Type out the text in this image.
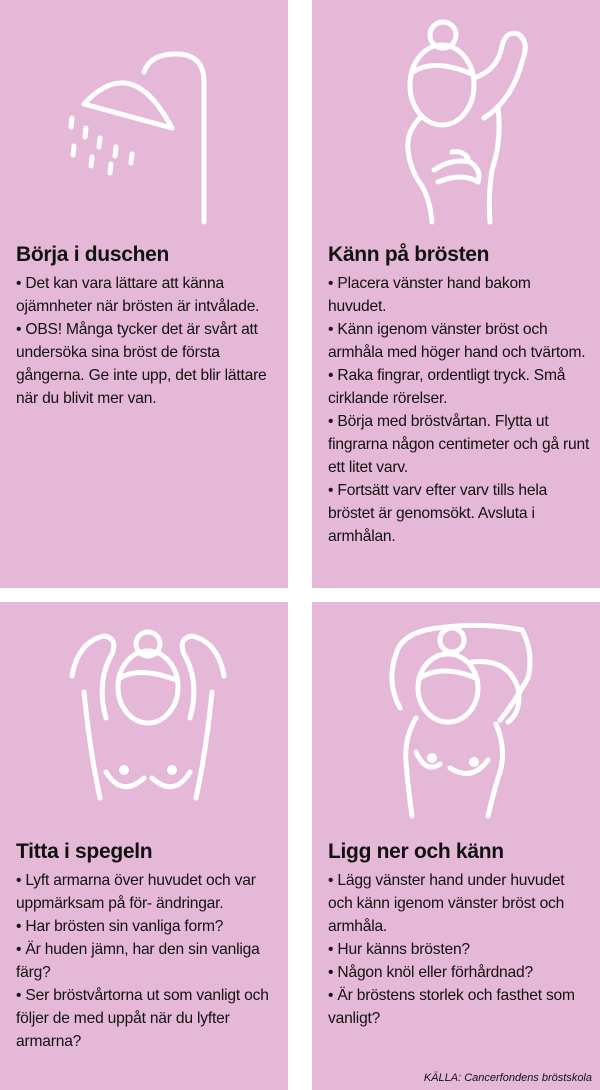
Börja i duschen
• Det kan vara lättare att känna ojämnheter när brösten är intvålade.
• OBS! Många tycker det är svårt att undersöka sina bröst de första gångerna. Ge inte upp, det blir lättare när du blivit mer van.
Känn på brösten
• Placera vänster hand bakom huvudet.
• Känn igenom vänster bröst och armhåla med höger hand och tvärtom.
• Raka fingrar, ordentligt tryck. Små cirklande rörelser.
• Börja med bröstvårtan. Flytta ut fingrarna någon centimeter och gå runt ett litet varv.
• Fortsätt varv efter varv tills hela bröstet är genomsökt. Avsluta i armhålan.
Titta i spegeln
• Lyft armarna över huvudet och var uppmärksam på för- ändringar.
• Har brösten sin vanliga form?
• Är huden jämn, har den sin vanliga färg?
• Ser bröstvårtorna ut som vanligt och följer de med uppåt när du lyfter armarna?
Ligg ner och känn
• Lägg vänster hand under huvudet och känn igenom vänster bröst och armhåla.
• Hur känns brösten?
• Någon knöl eller förhårdnad?
• Är bröstens storlek och fasthet som vanligt?
KÄLLA: Cancerfondens bröstskola
